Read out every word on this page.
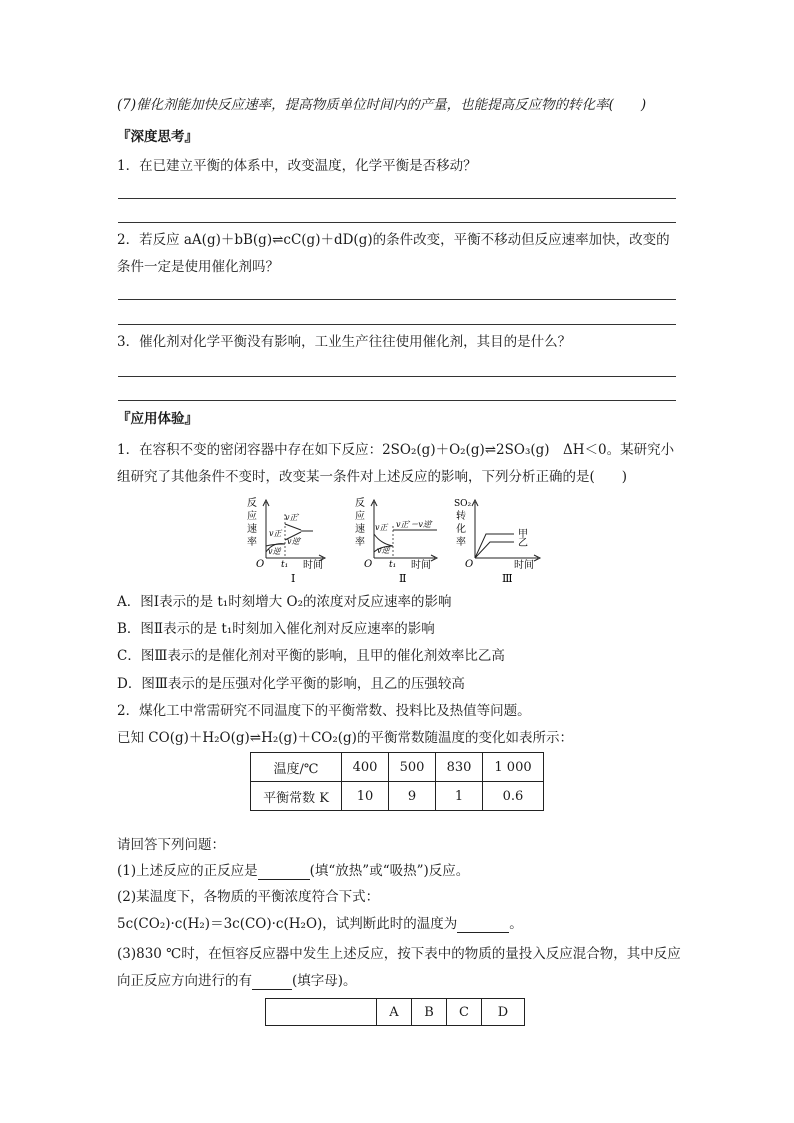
(7)催化剂能加快反应速率，提高物质单位时间内的产量，也能提高反应物的转化率(　　)
『深度思考』
1．在已建立平衡的体系中，改变温度，化学平衡是否移动？
2．若反应 aA(g)＋bB(g)⇌cC(g)＋dD(g)的条件改变，平衡不移动但反应速率加快，改变的
条件一定是使用催化剂吗？
3．催化剂对化学平衡没有影响，工业生产往往使用催化剂，其目的是什么？
『应用体验』
1．在容积不变的密闭容器中存在如下反应：2SO₂(g)＋O₂(g)⇌2SO₃(g)　ΔH＜0。某研究小
组研究了其他条件不变时，改变某一条件对上述反应的影响，下列分析正确的是(　　)
反
应
速
率
O t₁ 时间
Ⅰ
v正′
v逆′
v正
v逆
反
应
速
率
O t₁ 时间
Ⅱ
v正′＝v逆′
v正
v逆
SO₂
转
化
率
O	时间
Ⅲ
甲
乙
A．图Ⅰ表示的是 t₁时刻增大 O₂的浓度对反应速率的影响
B．图Ⅱ表示的是 t₁时刻加入催化剂对反应速率的影响
C．图Ⅲ表示的是催化剂对平衡的影响，且甲的催化剂效率比乙高
D．图Ⅲ表示的是压强对化学平衡的影响，且乙的压强较高
2．煤化工中常需研究不同温度下的平衡常数、投料比及热值等问题。
已知 CO(g)＋H₂O(g)⇌H₂(g)＋CO₂(g)的平衡常数随温度的变化如表所示：
温度/℃	400	500	830	1 000
平衡常数 K	10	9	1	0.6
请回答下列问题：
(1)上述反应的正反应是	(填“放热”或“吸热”)反应。
(2)某温度下，各物质的平衡浓度符合下式：
5c(CO₂)·c(H₂)＝3c(CO)·c(H₂O)，试判断此时的温度为	。
(3)830 ℃时，在恒容反应器中发生上述反应，按下表中的物质的量投入反应混合物，其中反应
向正反应方向进行的有	(填字母)。
	A	B	C	D
